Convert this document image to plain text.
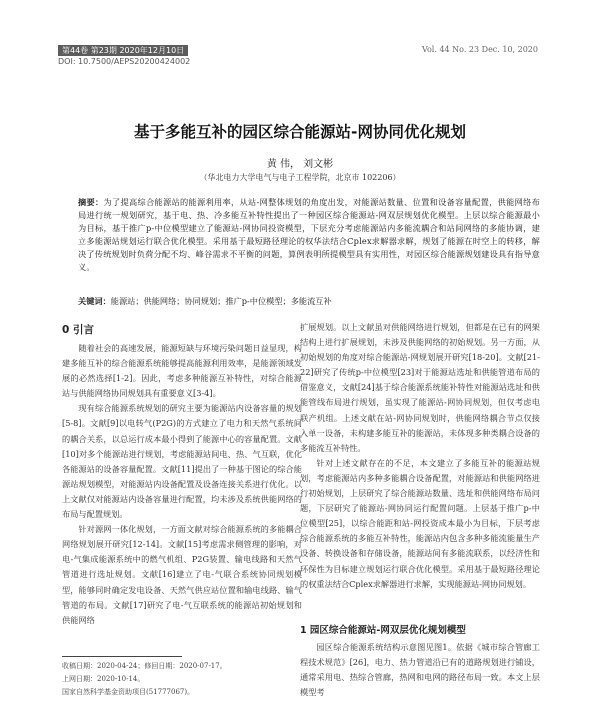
第44卷 第23期 2020年12月10日
DOI: 10.7500/AEPS20200424002
Vol. 44 No. 23 Dec. 10, 2020
基于多能互补的园区综合能源站-网协同优化规划
黄 伟， 刘文彬
（华北电力大学电气与电子工程学院，北京市 102206）
摘要：为了提高综合能源站的能源利用率，从站-网整体规划的角度出发，对能源站数量、位置和设备容量配置，供能网络布局进行统一规划研究，基于电、热、冷多能互补特性提出了一种园区综合能源站-网双层规划优化模型。上层以综合能源最小为目标，基于推广p-中位模型建立了能源站-网协同投资模型，下层充分考虑能源站内多能流耦合和站间网络的多能协调，建立多能源站规划运行联合优化模型。采用基于最短路径理论的权华法结合Cplex求解器求解，规划了能源在时空上的转移，解决了传统规划时负荷分配不均、峰谷需求不平衡的问题，算例表明所提模型具有实用性，对园区综合能源规划建设具有指导意义。
关键词：能源站；供能网络；协同规划；推广p-中位模型；多能流互补
0 引言

随着社会的高速发展，能源短缺与环境污染问题日益显现，构建多能互补的综合能源系统能够提高能源利用效率，是能源领域发展的必然选择[1-2]。因此，考虑多种能源互补特性，对综合能源站与供能网络协同规划具有重要意义[3-4]。

现有综合能源系统规划的研究主要为能源站内设备容量的规划[5-8]。文献[9]以电转气(P2G)的方式建立了电力和天然气系统间的耦合关系，以总运行成本最小得到了能源中心的容量配置。文献[10]对多个能源站进行规划，考虑能源站间电、热、气互联，优化各能源站的设备容量配置。文献[11]提出了一种基于图论的综合能源站规划模型，对能源站内设备配置及设备连接关系进行优化。以上文献仅对能源站内设备容量进行配置，均未涉及系统供能网络的布局与配置规划。

针对源网一体化规划，一方面文献对综合能源系统的多能耦合网络规划展开研究[12-14]。文献[15]考虑需求侧管理的影响，对电-气集成能源系统中的燃气机组、P2G装置、输电线路和天然气管道进行选址规划。文献[16]建立了电-气联合系统协同规划模型，能够同时确定发电设备、天然气供应站位置和输电线路、输气管道的布局。文献[17]研究了电-气互联系统的能源站初始规划和供能网络

扩展规划。以上文献虽对供能网络进行规划，但都是在已有的网架结构上进行扩展规划，未涉及供能网络的初始规划。另一方面，从初始规划的角度对综合能源站-网规划展开研究[18-20]。文献[21-22]研究了传统p-中位模型[23]对于能源站选址和供能管道布局的借鉴意义，文献[24]基于综合能源系统能补特性对能源站选址和供能管线布局进行规划，虽实现了能源站-网协同规划，但仅考虑电联产机组。上述文献在站-网协同规划时，供能网络耦合节点仅接入单一设备，未构建多能互补的能源站，未体现多种类耦合设备的多能流互补特性。

针对上述文献存在的不足，本文建立了多能互补的能源站规划，考虑能源站内多种多能耦合设备配置，对能源站和供能网络进行初始规划，上层研究了综合能源站数量、选址和供能网络布局问题，下层研究了能源站-网协同运行配置问题。上层基于推广p-中位模型[25]，以综合能距和站-网投资成本最小为目标，下层考虑综合能源系统的多能互补特性，能源站内包含多种多能流能量生产设备、转换设备和存储设备，能源站间有多能流联系，以经济性和环保性为目标建立规划运行联合优化模型。采用基于最短路径理论的权重法结合Cplex求解器进行求解，实现能源站-网协同规划。

1 园区综合能源站-网双层优化规划模型

园区综合能源系统结构示意图见图1。依据《城市综合管廊工程技术规范》[26]，电力、热力管道沿已有的道路规划进行铺设，通常采用电、热综合管廊，热网和电网的路径布局一致。本文上层模型考

收稿日期：2020-04-24；修回日期：2020-07-17。
上网日期：2020-10-14。
国家自然科学基金资助项目(51777067)。
